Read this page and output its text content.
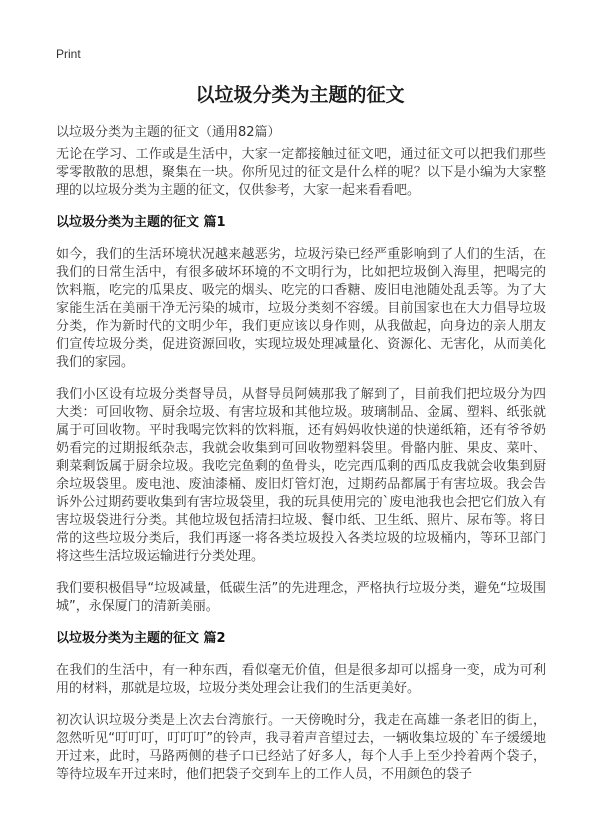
Print
以垃圾分类为主题的征文

以垃圾分类为主题的征文（通用82篇）

无论在学习、工作或是生活中，大家一定都接触过征文吧，通过征文可以把我们那些零零散散的思想，聚集在一块。你所见过的征文是什么样的呢？以下是小编为大家整理的以垃圾分类为主题的征文，仅供参考，大家一起来看看吧。

以垃圾分类为主题的征文 篇1

如今，我们的生活环境状况越来越恶劣，垃圾污染已经严重影响到了人们的生活，在我们的日常生活中，有很多破坏环境的不文明行为，比如把垃圾倒入海里，把喝完的饮料瓶，吃完的瓜果皮、吸完的烟头、吃完的口香糖、废旧电池随处乱丢等。为了大家能生活在美丽干净无污染的城市，垃圾分类刻不容缓。目前国家也在大力倡导垃圾分类，作为新时代的文明少年，我们更应该以身作则，从我做起，向身边的亲人朋友们宣传垃圾分类，促进资源回收，实现垃圾处理减量化、资源化、无害化，从而美化我们的家园。

我们小区设有垃圾分类督导员，从督导员阿姨那我了解到了，目前我们把垃圾分为四大类：可回收物、厨余垃圾、有害垃圾和其他垃圾。玻璃制品、金属、塑料、纸张就属于可回收物。平时我喝完饮料的饮料瓶，还有妈妈收快递的快递纸箱，还有爷爷奶奶看完的过期报纸杂志，我就会收集到可回收物塑料袋里。骨骼内脏、果皮、菜叶、剩菜剩饭属于厨余垃圾。我吃完鱼剩的鱼骨头，吃完西瓜剩的西瓜皮我就会收集到厨余垃圾袋里。废电池、废油漆桶、废旧灯管灯泡，过期药品都属于有害垃圾。我会告诉外公过期药要收集到有害垃圾袋里，我的玩具使用完的`废电池我也会把它们放入有害垃圾袋进行分类。其他垃圾包括清扫垃圾、餐巾纸、卫生纸、照片、尿布等。将日常的这些垃圾分类后，我们再逐一将各类垃圾投入各类垃圾的垃圾桶内，等环卫部门将这些生活垃圾运输进行分类处理。

我们要积极倡导“垃圾减量，低碳生活”的先进理念，严格执行垃圾分类，避免“垃圾围城”，永保厦门的清新美丽。

以垃圾分类为主题的征文 篇2

在我们的生活中，有一种东西，看似毫无价值，但是很多却可以摇身一变，成为可利用的材料，那就是垃圾，垃圾分类处理会让我们的生活更美好。

初次认识垃圾分类是上次去台湾旅行。一天傍晚时分，我走在高雄一条老旧的街上，忽然听见“叮叮叮，叮叮叮”的铃声，我寻着声音望过去，一辆收集垃圾的`车子缓缓地开过来，此时，马路两侧的巷子口已经站了好多人，每个人手上至少拎着两个袋子，等待垃圾车开过来时，他们把袋子交到车上的工作人员，不用颜色的袋子
